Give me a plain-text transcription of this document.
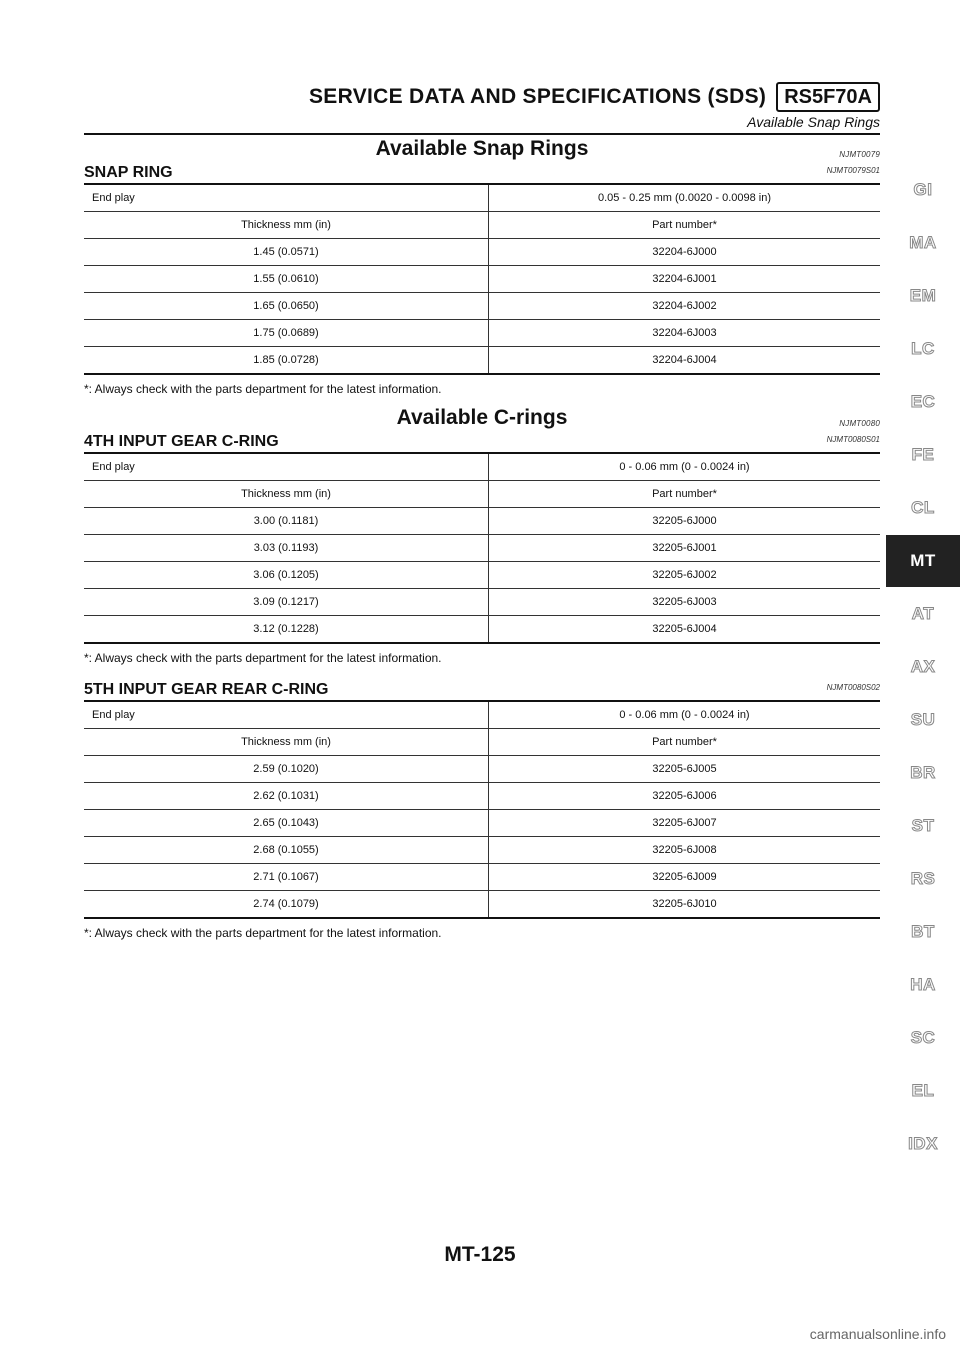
SERVICE DATA AND SPECIFICATIONS (SDS) RS5F70A
Available Snap Rings
Available Snap Rings	NJMT0079
SNAP RING	NJMT0079S01
End play	0.05 - 0.25 mm (0.0020 - 0.0098 in)
Thickness mm (in)	Part number*
1.45 (0.0571)	32204-6J000
1.55 (0.0610)	32204-6J001
1.65 (0.0650)	32204-6J002
1.75 (0.0689)	32204-6J003
1.85 (0.0728)	32204-6J004

*: Always check with the parts department for the latest information.

Available C-rings	NJMT0080
4TH INPUT GEAR C-RING	NJMT0080S01
End play	0 - 0.06 mm (0 - 0.0024 in)
Thickness mm (in)	Part number*
3.00 (0.1181)	32205-6J000
3.03 (0.1193)	32205-6J001
3.06 (0.1205)	32205-6J002
3.09 (0.1217)	32205-6J003
3.12 (0.1228)	32205-6J004

*: Always check with the parts department for the latest information.

5TH INPUT GEAR REAR C-RING	NJMT0080S02
End play	0 - 0.06 mm (0 - 0.0024 in)
Thickness mm (in)	Part number*
2.59 (0.1020)	32205-6J005
2.62 (0.1031)	32205-6J006
2.65 (0.1043)	32205-6J007
2.68 (0.1055)	32205-6J008
2.71 (0.1067)	32205-6J009
2.74 (0.1079)	32205-6J010

*: Always check with the parts department for the latest information.

GI
MA
EM
LC
EC
FE
CL
MT
AT
AX
SU
BR
ST
RS
BT
HA
SC
EL
IDX
MT-125
carmanualsonline.info
